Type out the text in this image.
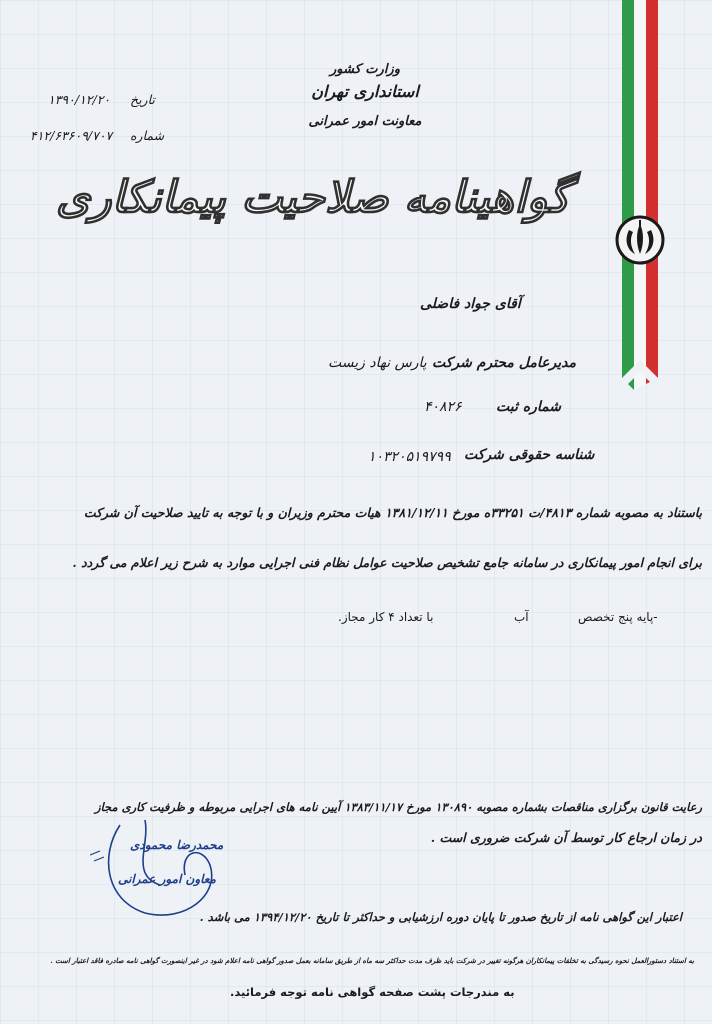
وزارت کشور
استانداری تهران
معاونت امور عمرانی
تاریخ
۱۳۹۰/۱۲/۲۰
شماره
۴۱۲/۶۳۶۰۹/۷۰۷
گواهینامه صلاحیت پیمانکاری
آقای جواد فاضلی
مدیرعامل محترم شرکت
پارس نهاد زیست
شماره ثبت
۴۰۸۲۶
شناسه حقوقی شرکت
۱۰۳۲۰۵۱۹۷۹۹
باستناد به مصوبه شماره ۴۸۱۳/ت ۳۳۲۵۱ه مورخ ۱۳۸۱/۱۲/۱۱ هیات محترم وزیران و با توجه به تایید صلاحیت آن شرکت
برای انجام امور پیمانکاری در سامانه جامع تشخیص صلاحیت عوامل نظام فنی اجرایی موارد به شرح زیر اعلام می گردد .
-پایه پنج تخصص
آب
با تعداد ۴ کار مجاز.
رعایت قانون برگزاری مناقصات بشماره مصوبه ۱۳۰۸۹۰ مورخ ۱۳۸۳/۱۱/۱۷ آیین نامه های اجرایی مربوطه و ظرفیت کاری مجاز
در زمان ارجاع کار توسط آن شرکت ضروری است .
محمدرضا محمودی
معاون امور عمرانی
اعتبار این گواهی نامه از تاریخ صدور تا پایان دوره ارزشیابی و حداکثر تا تاریخ ۱۳۹۴/۱۲/۲۰ می باشد .
به استناد دستورالعمل نحوه رسیدگی به تخلفات پیمانکاران هرگونه تغییر در شرکت باید ظرف مدت حداکثر سه ماه از طریق سامانه بعمل صدور گواهی نامه اعلام شود در غیر اینصورت گواهی نامه صادره فاقد اعتبار است .
به مندرجات پشت صفحه گواهی نامه توجه فرمائید.
